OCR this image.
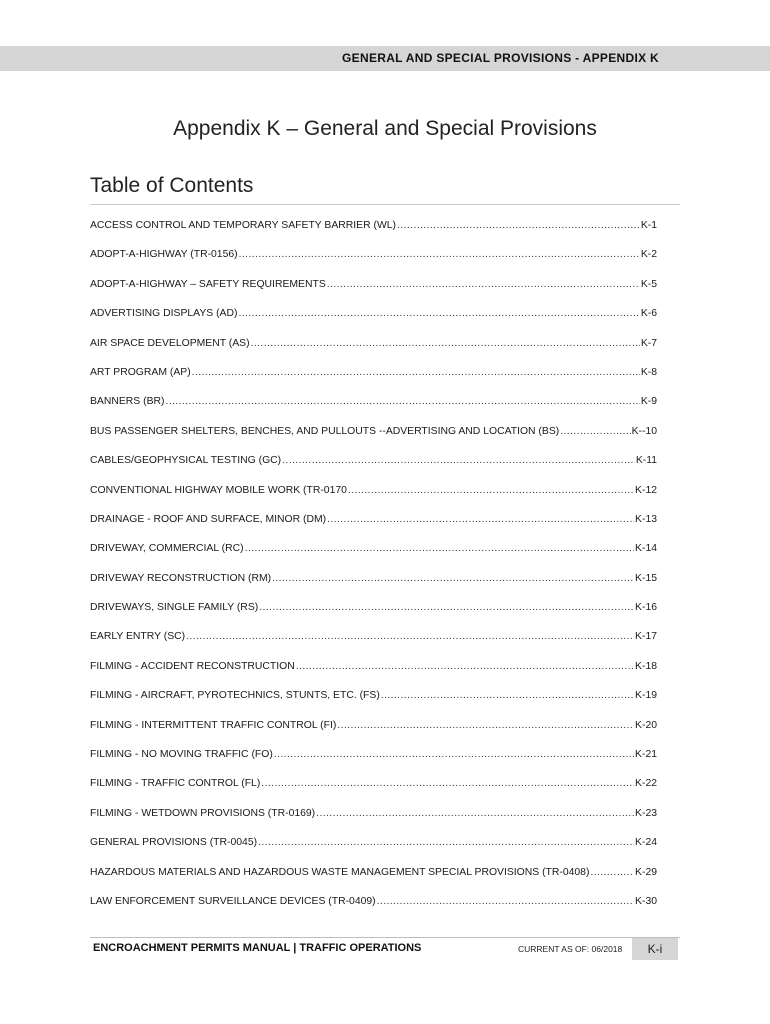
GENERAL AND SPECIAL PROVISIONS - APPENDIX K
Appendix K – General and Special Provisions
Table of Contents
ACCESS CONTROL AND TEMPORARY SAFETY BARRIER (WL) .....	K-1
ADOPT-A-HIGHWAY (TR-0156) .....	K-2
ADOPT-A-HIGHWAY – SAFETY REQUIREMENTS .....	K-5
ADVERTISING DISPLAYS (AD) .....	K-6
AIR SPACE DEVELOPMENT (AS) .....	K-7
ART PROGRAM (AP) .....	K-8
BANNERS (BR) .....	K-9
BUS PASSENGER SHELTERS, BENCHES, AND PULLOUTS --ADVERTISING AND LOCATION (BS) .....	K--10
CABLES/GEOPHYSICAL TESTING (GC) .....	K-11
CONVENTIONAL HIGHWAY MOBILE WORK (TR-0170 .....	K-12
DRAINAGE - ROOF AND SURFACE, MINOR (DM) .....	K-13
DRIVEWAY, COMMERCIAL (RC) .....	K-14
DRIVEWAY RECONSTRUCTION (RM) .....	K-15
DRIVEWAYS, SINGLE FAMILY (RS) .....	K-16
EARLY ENTRY (SC) .....	K-17
FILMING - ACCIDENT RECONSTRUCTION .....	K-18
FILMING - AIRCRAFT, PYROTECHNICS, STUNTS, ETC. (FS) .....	K-19
FILMING - INTERMITTENT TRAFFIC CONTROL (FI) .....	K-20
FILMING - NO MOVING TRAFFIC (FO) .....	K-21
FILMING - TRAFFIC CONTROL (FL) .....	K-22
FILMING - WETDOWN PROVISIONS (TR-0169) .....	K-23
GENERAL PROVISIONS (TR-0045) .....	K-24
HAZARDOUS MATERIALS AND HAZARDOUS WASTE MANAGEMENT SPECIAL PROVISIONS (TR-0408) .....	K-29
LAW ENFORCEMENT SURVEILLANCE DEVICES (TR-0409) .....	K-30
ENCROACHMENT PERMITS MANUAL | TRAFFIC OPERATIONS	CURRENT AS OF: 06/2018	K-i
